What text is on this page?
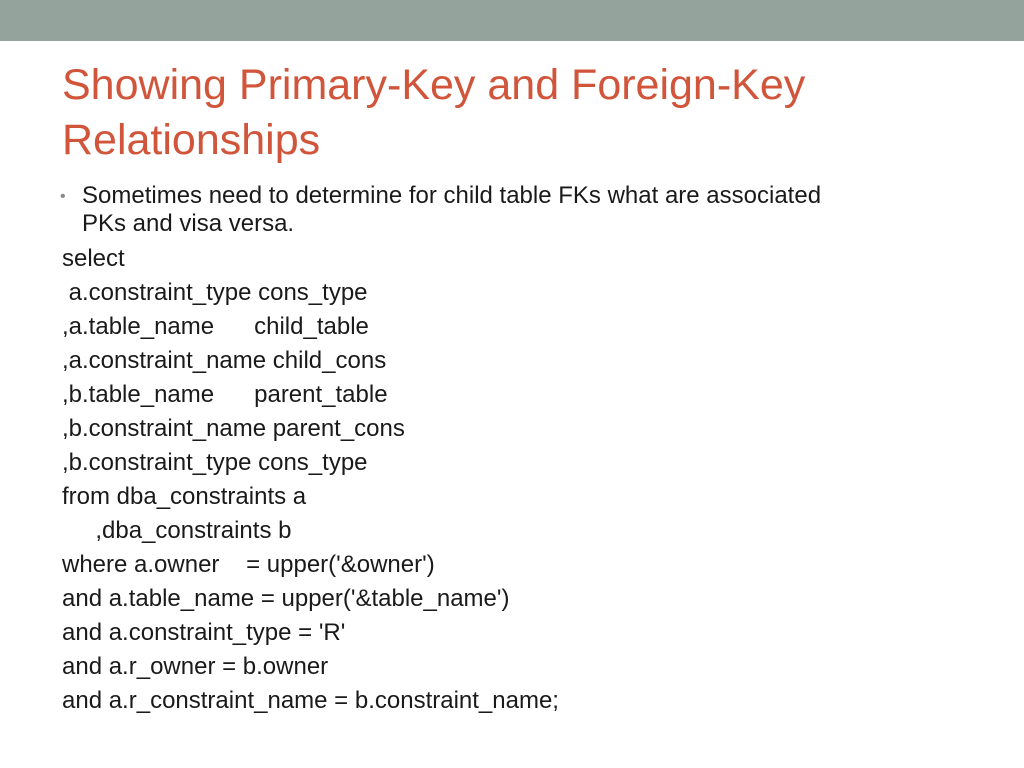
Showing Primary-Key and Foreign-Key
Relationships
• Sometimes need to determine for child table FKs what are associated
PKs and visa versa.
select
a.constraint_type cons_type
,a.table_name      child_table
,a.constraint_name child_cons
,b.table_name      parent_table
,b.constraint_name parent_cons
,b.constraint_type cons_type
from dba_constraints a
,dba_constraints b
where a.owner    = upper('&owner')
and a.table_name = upper('&table_name')
and a.constraint_type = 'R'
and a.r_owner = b.owner
and a.r_constraint_name = b.constraint_name;
